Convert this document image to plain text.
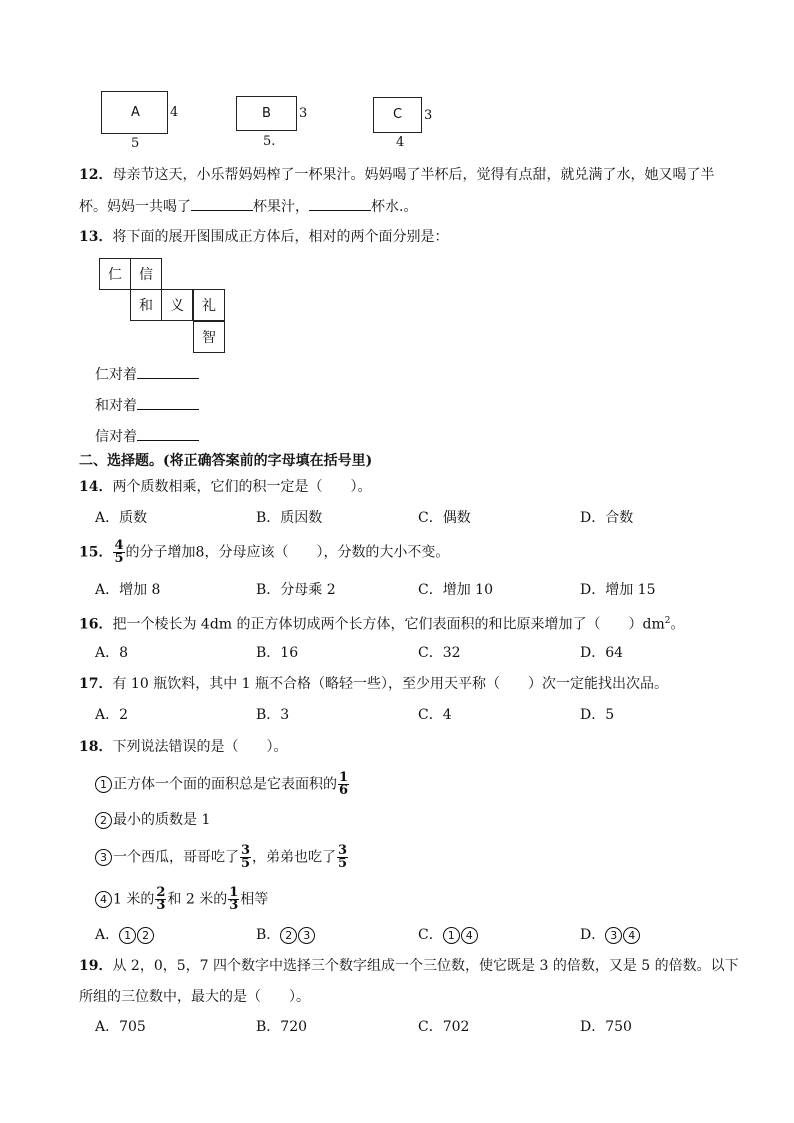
A 4
5
B 3
5.
C 3
4
12．母亲节这天，小乐帮妈妈榨了一杯果汁。妈妈喝了半杯后，觉得有点甜，就兑满了水，她又喝了半
杯。妈妈一共喝了	杯果汁，	杯水.。
13．将下面的展开图围成正方体后，相对的两个面分别是：
仁	信
和	义	礼
智
仁对着
和对着
信对着
二、选择题。(将正确答案前的字母填在括号里)
14．两个质数相乘，它们的积一定是（　　）。
A．质数	B．质因数	C．偶数	D．合数
15． $\frac{4}{5}$ 的分子增加8，分母应该（　　），分数的大小不变。
A．增加 8	B．分母乘 2	C．增加 10	D．增加 15
16．把一个棱长为 4dm 的正方体切成两个长方体，它们表面积的和比原来增加了（　　）$dm^2$。
A．8	B．16	C．32	D．64
17．有 10 瓶饮料，其中 1 瓶不合格（略轻一些），至少用天平称（　　）次一定能找出次品。
A．2	B．3	C．4	D．5
18．下列说法错误的是（　　）。
1 正方体一个面的面积总是它表面积的 $\frac{1}{6}$
2 最小的质数是 1
3 一个西瓜，哥哥吃了 $\frac{3}{5}$ ，弟弟也吃了 $\frac{3}{5}$
4 1 米的 $\frac{2}{3}$ 和 2 米的 $\frac{1}{3}$ 相等
A． 1 2	B． 2 3	C． 1 4	D． 3 4
19．从 2，0，5，7 四个数字中选择三个数字组成一个三位数，使它既是 3 的倍数，又是 5 的倍数。以下
所组的三位数中，最大的是（　　）。
A．705	B．720	C．702	D．750
